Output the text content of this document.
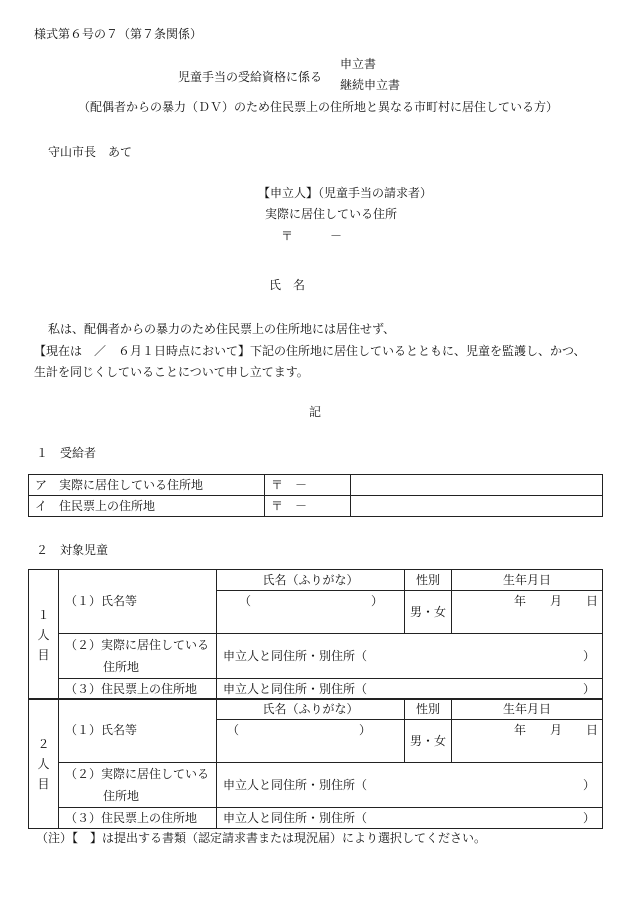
様式第６号の７（第７条関係）
児童手当の受給資格に係る
申立書
継続申立書
（配偶者からの暴力（ＤＶ）のため住民票上の住所地と異なる市町村に居住している方）
守山市長　あて
【申立人】（児童手当の請求者）
実際に居住している住所
〒	－
氏　名
私は、配偶者からの暴力のため住民票上の住所地には居住せず、
【現在は　／　６月１日時点において】下記の住所地に居住しているとともに、児童を監護し、かつ、
生計を同じくしていることについて申し立てます。
記
１　受給者
ア　実際に居住している住所地	〒　－	
イ　住民票上の住所地	〒　－	
２　対象児童
１
人
目	（１）氏名等	氏名（ふりがな）	性別	生年月日
		（　　　　　　　　　　）	男・女	年　　月　　日

	（２）実際に居住している
住所地	申立人と同住所・別住所（　　　　　　　　　　　　　　　　　　）		
	（３）住民票上の住所地	申立人と同住所・別住所（　　　　　　　　　　　　　　　　　　）		
２
人
目	（１）氏名等	氏名（ふりがな）	性別	生年月日
		（　　　　　　　　　　）	男・女	年　　月　　日

	（２）実際に居住している
住所地	申立人と同住所・別住所（　　　　　　　　　　　　　　　　　　）		
	（３）住民票上の住所地	申立人と同住所・別住所（　　　　　　　　　　　　　　　　　　）		
（注）【　】は提出する書類（認定請求書または現況届）により選択してください。
